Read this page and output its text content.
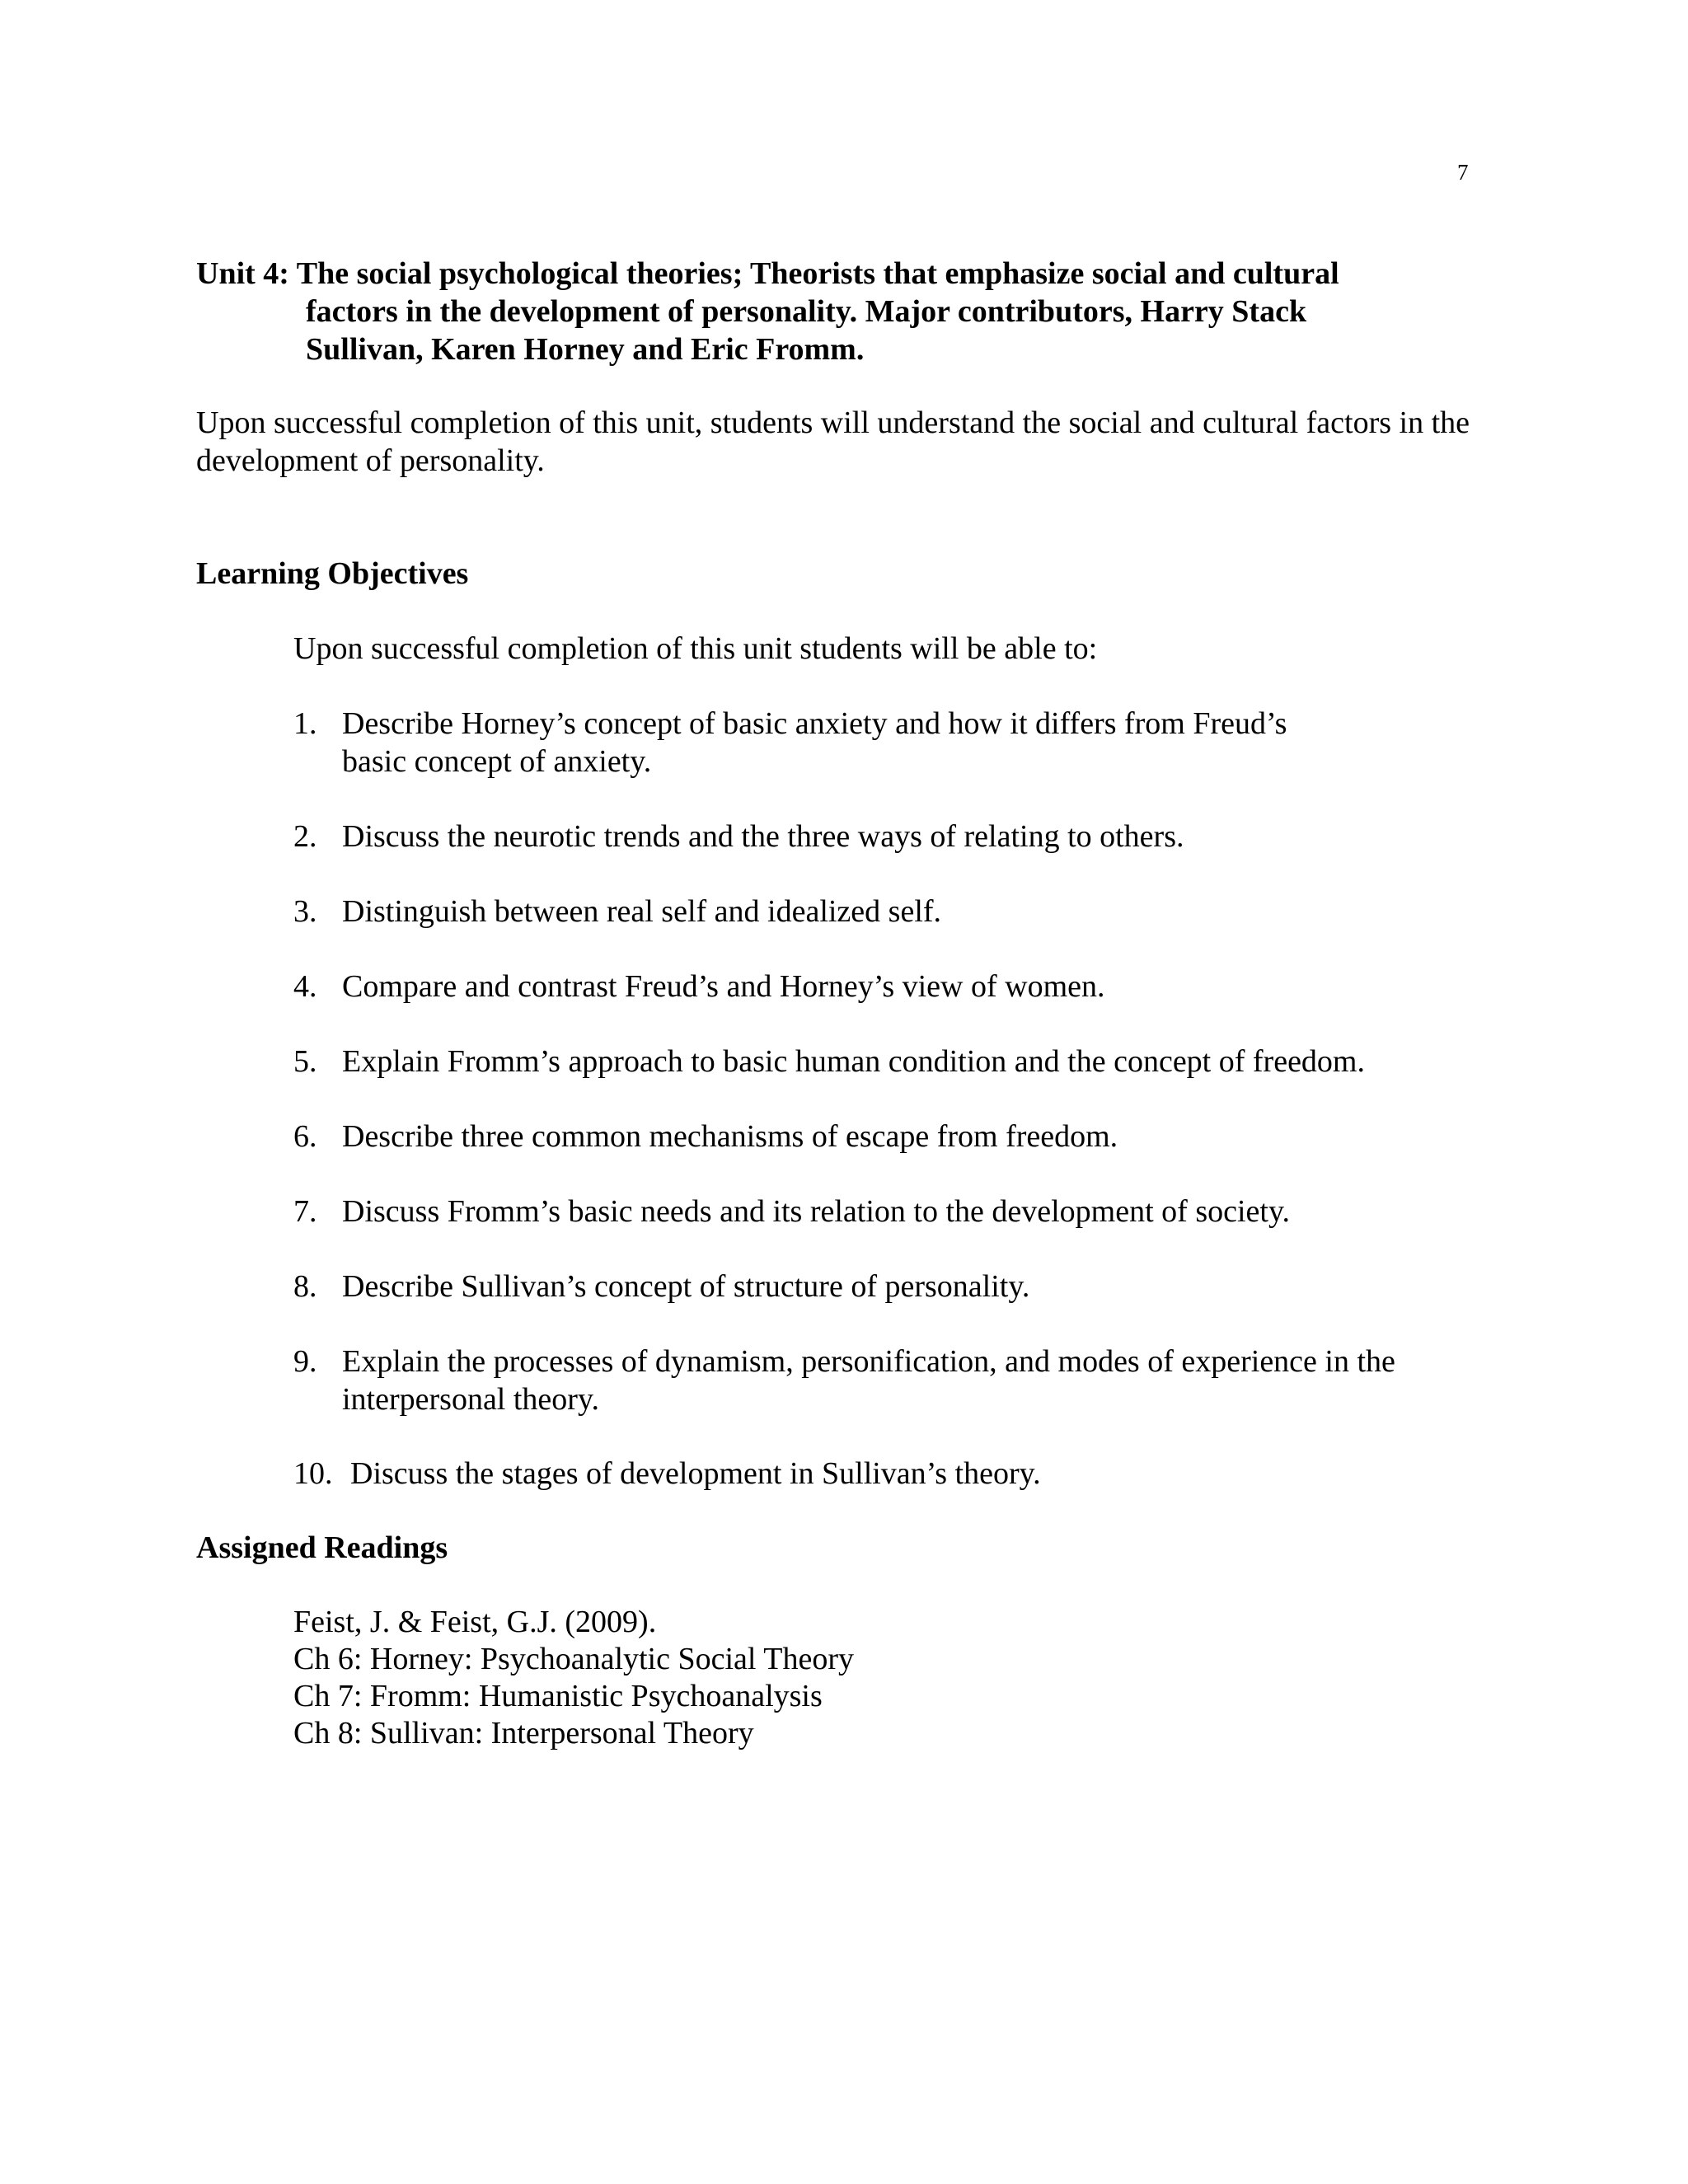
7
Unit 4: The social psychological theories; Theorists that emphasize social and cultural
factors in the development of personality. Major contributors, Harry Stack
Sullivan, Karen Horney and Eric Fromm.
Upon successful completion of this unit, students will understand the social and cultural factors in the
development of personality.
Learning Objectives
Upon successful completion of this unit students will be able to:
1. Describe Horney’s concept of basic anxiety and how it differs from Freud’s
basic concept of anxiety.
2. Discuss the neurotic trends and the three ways of relating to others.
3. Distinguish between real self and idealized self.
4. Compare and contrast Freud’s and Horney’s view of women.
5. Explain Fromm’s approach to basic human condition and the concept of freedom.
6. Describe three common mechanisms of escape from freedom.
7. Discuss Fromm’s basic needs and its relation to the development of society.
8. Describe Sullivan’s concept of structure of personality.
9. Explain the processes of dynamism, personification, and modes of experience in the
interpersonal theory.
10. Discuss the stages of development in Sullivan’s theory.
Assigned Readings
Feist, J. & Feist, G.J. (2009).
Ch 6: Horney: Psychoanalytic Social Theory
Ch 7: Fromm: Humanistic Psychoanalysis
Ch 8: Sullivan: Interpersonal Theory
